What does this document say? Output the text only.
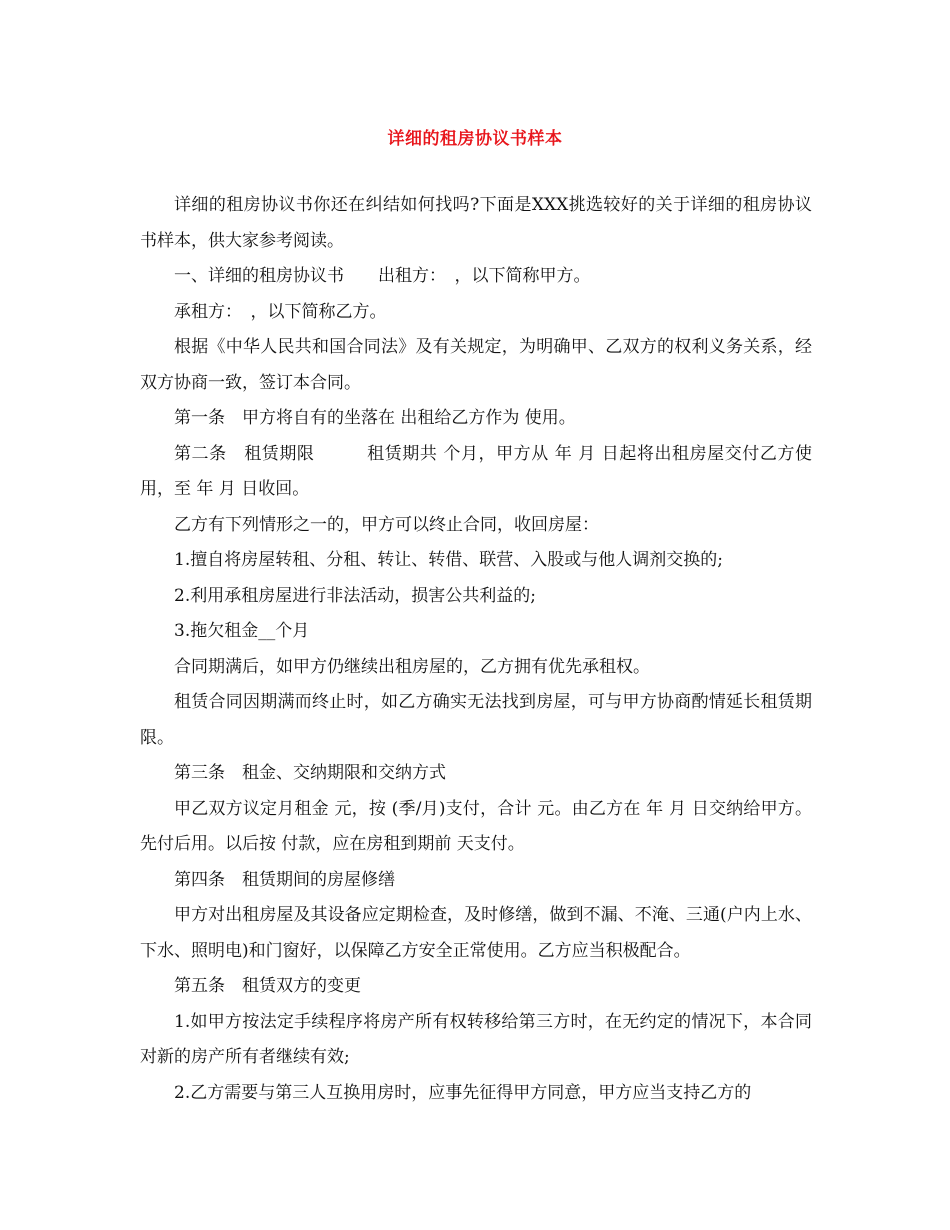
详细的租房协议书样本

详细的租房协议书你还在纠结如何找吗?下面是XXX挑选较好的关于详细的租房协议书样本，供大家参考阅读。

一、详细的租房协议书　　出租方：　，以下简称甲方。

承租方：　，以下简称乙方。

根据《中华人民共和国合同法》及有关规定，为明确甲、乙双方的权利义务关系，经双方协商一致，签订本合同。

第一条　甲方将自有的坐落在 出租给乙方作为 使用。

第二条　租赁期限　　　租赁期共 个月，甲方从 年 月 日起将出租房屋交付乙方使用，至 年 月 日收回。

乙方有下列情形之一的，甲方可以终止合同，收回房屋：

1.擅自将房屋转租、分租、转让、转借、联营、入股或与他人调剂交换的;

2.利用承租房屋进行非法活动，损害公共利益的;

3.拖欠租金__个月

合同期满后，如甲方仍继续出租房屋的，乙方拥有优先承租权。

租赁合同因期满而终止时，如乙方确实无法找到房屋，可与甲方协商酌情延长租赁期限。

第三条　租金、交纳期限和交纳方式

甲乙双方议定月租金 元，按 (季/月)支付，合计 元。由乙方在 年 月 日交纳给甲方。先付后用。以后按 付款，应在房租到期前 天支付。

第四条　租赁期间的房屋修缮

甲方对出租房屋及其设备应定期检查，及时修缮，做到不漏、不淹、三通(户内上水、下水、照明电)和门窗好，以保障乙方安全正常使用。乙方应当积极配合。

第五条　租赁双方的变更

1.如甲方按法定手续程序将房产所有权转移给第三方时，在无约定的情况下，本合同对新的房产所有者继续有效;

2.乙方需要与第三人互换用房时，应事先征得甲方同意，甲方应当支持乙方的
